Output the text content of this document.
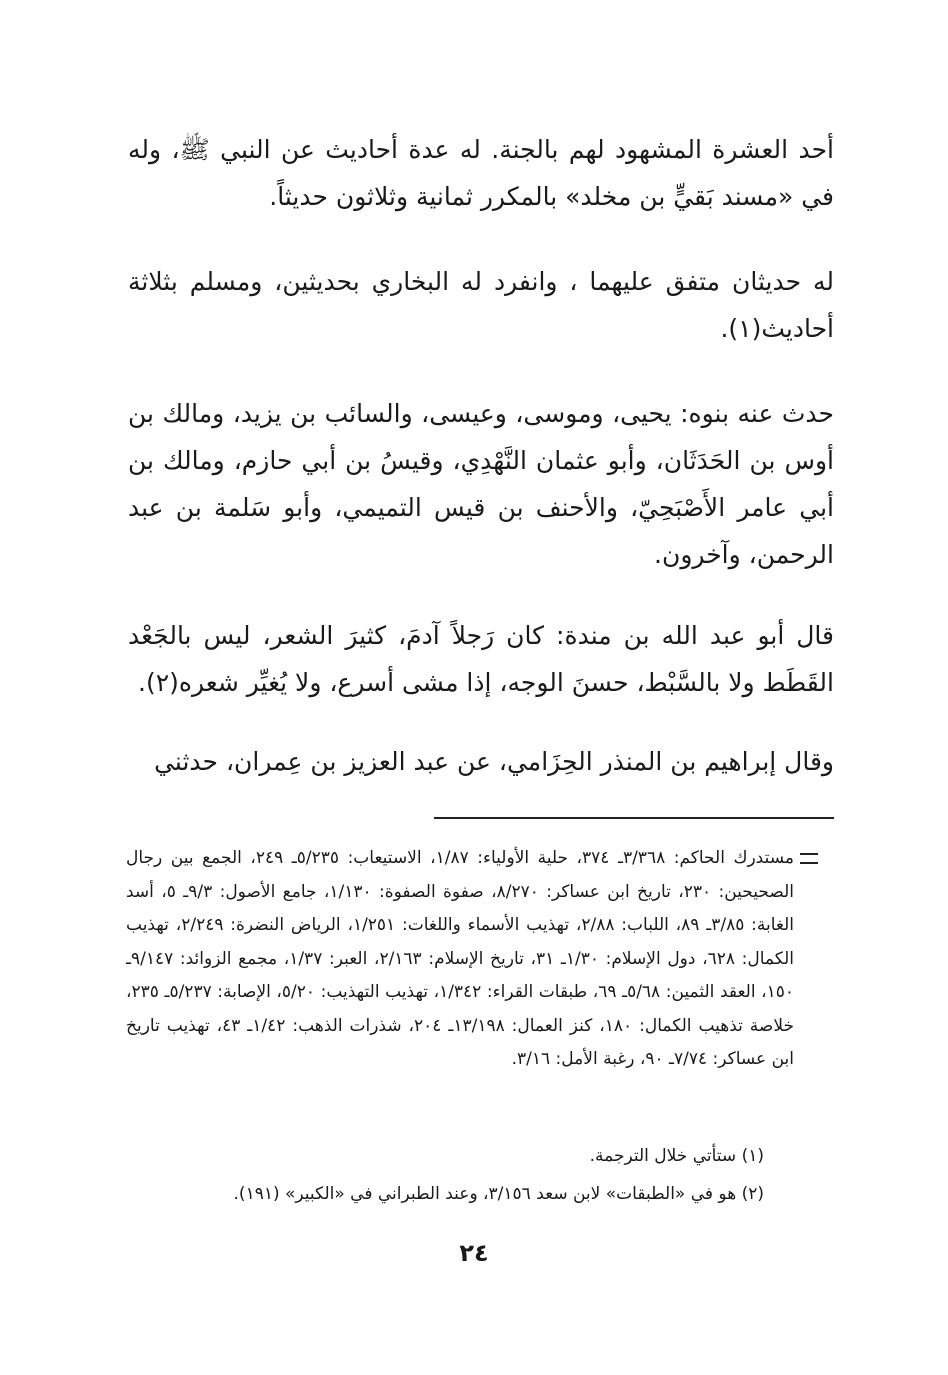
أحد العشرة المشهود لهم بالجنة. له عدة أحاديث عن النبي ﷺ، وله في «مسند بَقيٍّ بن مخلد» بالمكرر ثمانية وثلاثون حديثاً.

له حديثان متفق عليهما ، وانفرد له البخاري بحديثين، ومسلم بثلاثة أحاديث(١).

حدث عنه بنوه: يحيى، وموسى، وعيسى، والسائب بن يزيد، ومالك بن أوس بن الحَدَثَان، وأبو عثمان النَّهْدِي، وقيسُ بن أبي حازم، ومالك بن أبي عامر الأَصْبَحِيّ، والأحنف بن قيس التميمي، وأبو سَلمة بن عبد الرحمن، وآخرون.

قال أبو عبد الله بن مندة: كان رَجلاً آدمَ، كثيرَ الشعر، ليس بالجَعْد القَطَط ولا بالسَّبْط، حسنَ الوجه، إذا مشى أسرع، ولا يُغيِّر شعره(٢).

وقال إبراهيم بن المنذر الحِزَامي، عن عبد العزيز بن عِمران، حدثني

مستدرك الحاكم: ٣/٣٦٨ـ ٣٧٤، حلية الأولياء: ١/٨٧، الاستيعاب: ٥/٢٣٥ـ ٢٤٩، الجمع بين رجال الصحيحين: ٢٣٠، تاريخ ابن عساكر: ٨/٢٧٠، صفوة الصفوة: ١/١٣٠، جامع الأصول: ٩/٣ـ ٥، أسد الغابة: ٣/٨٥ـ ٨٩، اللباب: ٢/٨٨، تهذيب الأسماء واللغات: ١/٢٥١، الرياض النضرة: ٢/٢٤٩، تهذيب الكمال: ٦٢٨، دول الإسلام: ١/٣٠ـ ٣١، تاريخ الإسلام: ٢/١٦٣، العبر: ١/٣٧، مجمع الزوائد: ٩/١٤٧ـ ١٥٠، العقد الثمين: ٥/٦٨ـ ٦٩، طبقات القراء: ١/٣٤٢، تهذيب التهذيب: ٥/٢٠، الإصابة: ٥/٢٣٧ـ ٢٣٥، خلاصة تذهيب الكمال: ١٨٠، كنز العمال: ١٣/١٩٨ـ ٢٠٤، شذرات الذهب: ١/٤٢ـ ٤٣، تهذيب تاريخ ابن عساكر: ٧/٧٤ـ ٩٠، رغبة الأمل: ٣/١٦.

(١) ستأتي خلال الترجمة.

(٢) هو في «الطبقات» لابن سعد ٣/١٥٦، وعند الطبراني في «الكبير» (١٩١).

٢٤
